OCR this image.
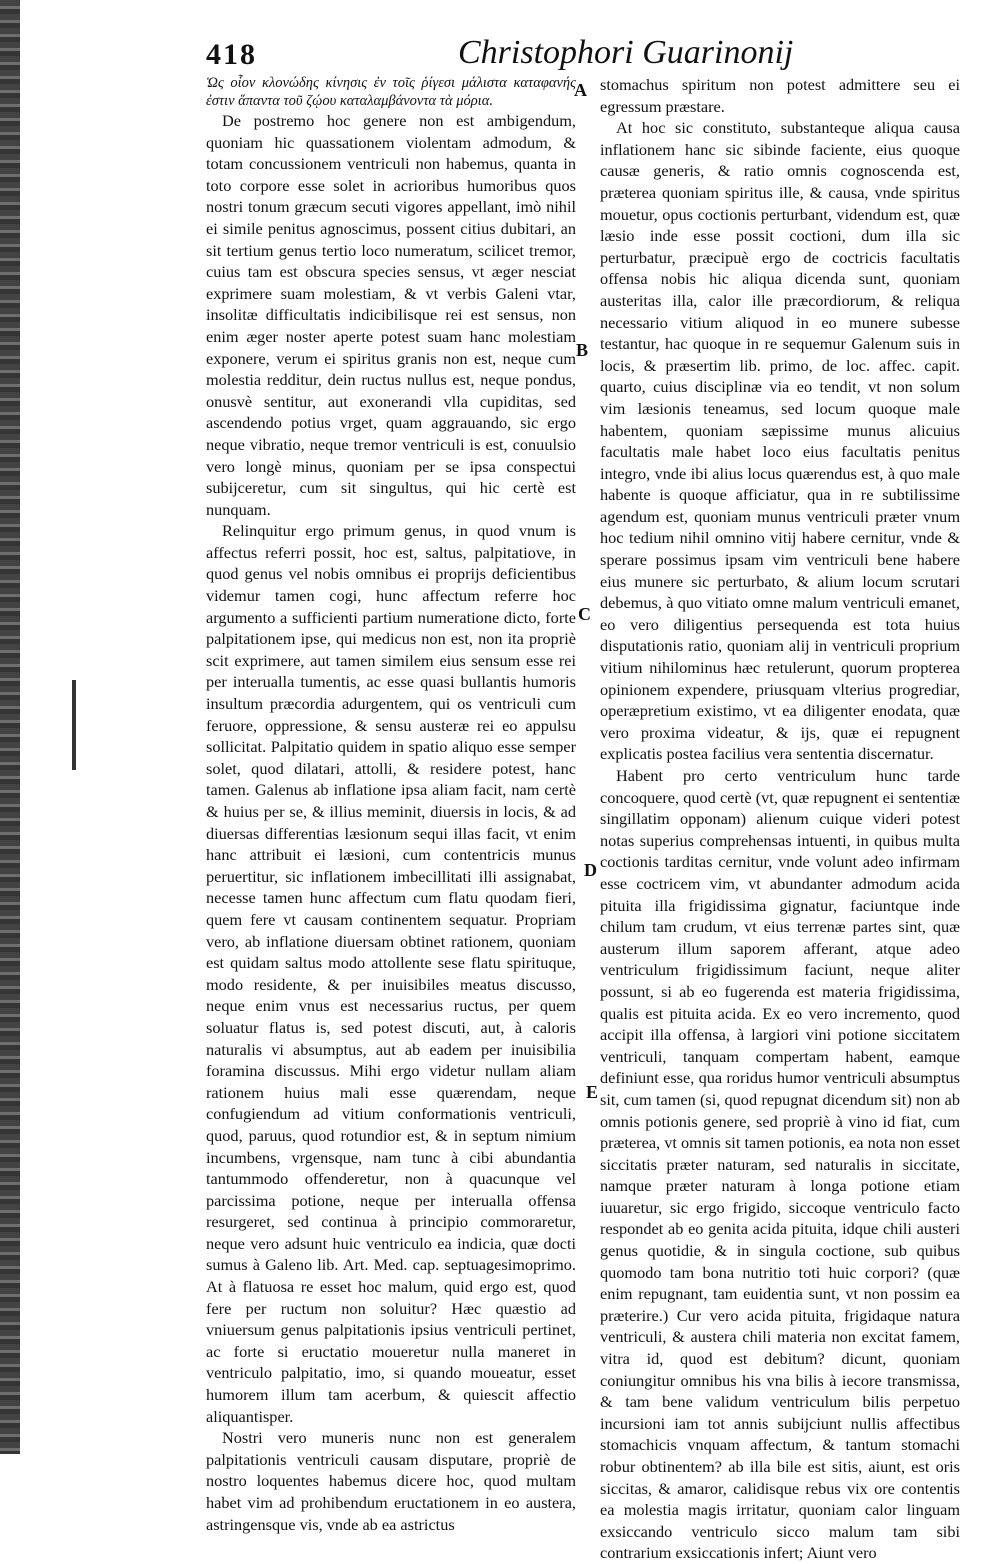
418	Christophori Guarinonij

Ὡς οἷον κλονώδης κίνησις ἐν τοῖς ῥίγεσι μάλιστα καταφανής ἐστιν ἅπαντα τοῦ ζῴου καταλαμβάνοντα τὰ μόρια.

De postremo hoc genere non est ambigendum, quoniam hic quassationem violentam admodum, & totam concussionem ventriculi non habemus, quanta in toto corpore esse solet in acrioribus humoribus quos nostri tonum græcum secuti vigores appellant, imò nihil ei simile penitus agnoscimus, possent citius dubitari, an sit tertium genus tertio loco numeratum, scilicet tremor, cuius tam est obscura species sensus, vt æger nesciat exprimere suam molestiam, & vt verbis Galeni vtar, insolitæ difficultatis indicibilisque rei est sensus, non enim æger noster aperte potest suam hanc molestiam exponere, verum ei spiritus granis non est, neque cum molestia redditur, dein ructus nullus est, neque pondus, onusvè sentitur, aut exonerandi vlla cupiditas, sed ascendendo potius vrget, quam aggrauando, sic ergo neque vibratio, neque tremor ventriculi is est, conuulsio vero longè minus, quoniam per se ipsa conspectui subijceretur, cum sit singultus, qui hic certè est nunquam.

Relinquitur ergo primum genus, in quod vnum is affectus referri possit, hoc est, saltus, palpitatiove, in quod genus vel nobis omnibus ei proprijs deficientibus videmur tamen cogi, hunc affectum referre hoc argumento a sufficienti partium numeratione dicto, forte palpitationem ipse, qui medicus non est, non ita propriè scit exprimere, aut tamen similem eius sensum esse rei per interualla tumentis, ac esse quasi bullantis humoris insultum præcordia adurgentem, qui os ventriculi cum feruore, oppressione, & sensu austeræ rei eo appulsu sollicitat. Palpitatio quidem in spatio aliquo esse semper solet, quod dilatari, attolli, & residere potest, hanc tamen. Galenus ab inflatione ipsa aliam facit, nam certè & huius per se, & illius meminit, diuersis in locis, & ad diuersas differentias læsionum sequi illas facit, vt enim hanc attribuit ei læsioni, cum contentricis munus peruertitur, sic inflationem imbecillitati illi assignabat, necesse tamen hunc affectum cum flatu quodam fieri, quem fere vt causam continentem sequatur. Propriam vero, ab inflatione diuersam obtinet rationem, quoniam est quidam saltus modo attollente sese flatu spirituque, modo residente, & per inuisibiles meatus discusso, neque enim vnus est necessarius ructus, per quem soluatur flatus is, sed potest discuti, aut, à caloris naturalis vi absumptus, aut ab eadem per inuisibilia foramina discussus. Mihi ergo videtur nullam aliam rationem huius mali esse quærendam, neque confugiendum ad vitium conformationis ventriculi, quod, paruus, quod rotundior est, & in septum nimium incumbens, vrgensque, nam tunc à cibi abundantia tantummodo offenderetur, non à quacunque vel parcissima potione, neque per interualla offensa resurgeret, sed continua à principio commoraretur, neque vero adsunt huic ventriculo ea indicia, quæ docti sumus à Galeno lib. Art. Med. cap. septuagesimoprimo. At à flatuosa re esset hoc malum, quid ergo est, quod fere per ructum non soluitur? Hæc quæstio ad vniuersum genus palpitationis ipsius ventriculi pertinet, ac forte si eructatio moueretur nulla maneret in ventriculo palpitatio, imo, si quando moueatur, esset humorem illum tam acerbum, & quiescit affectio aliquantisper.

Nostri vero muneris nunc non est generalem palpitationis ventriculi causam disputare, propriè de nostro loquentes habemus dicere hoc, quod multam habet vim ad prohibendum eructationem in eo austera, astringensque vis, vnde ab ea astrictus

stomachus spiritum non potest admittere seu ei egressum præstare.

At hoc sic constituto, substanteque aliqua causa inflationem hanc sic sibinde faciente, eius quoque causæ generis, & ratio omnis cognoscenda est, præterea quoniam spiritus ille, & causa, vnde spiritus mouetur, opus coctionis perturbant, videndum est, quæ læsio inde esse possit coctioni, dum illa sic perturbatur, præcipuè ergo de coctricis facultatis offensa nobis hic aliqua dicenda sunt, quoniam austeritas illa, calor ille præcordiorum, & reliqua necessario vitium aliquod in eo munere subesse testantur, hac quoque in re sequemur Galenum suis in locis, & præsertim lib. primo, de loc. affec. capit. quarto, cuius disciplinæ via eo tendit, vt non solum vim læsionis teneamus, sed locum quoque male habentem, quoniam sæpissime munus alicuius facultatis male habet loco eius facultatis penitus integro, vnde ibi alius locus quærendus est, à quo male habente is quoque afficiatur, qua in re subtilissime agendum est, quoniam munus ventriculi præter vnum hoc tedium nihil omnino vitij habere cernitur, vnde & sperare possimus ipsam vim ventriculi bene habere eius munere sic perturbato, & alium locum scrutari debemus, à quo vitiato omne malum ventriculi emanet, eo vero diligentius persequenda est tota huius disputationis ratio, quoniam alij in ventriculi proprium vitium nihilominus hæc retulerunt, quorum propterea opinionem expendere, priusquam vlterius progrediar, operæpretium existimo, vt ea diligenter enodata, quæ vero proxima videatur, & ijs, quæ ei repugnent explicatis postea facilius vera sententia discernatur.

Habent pro certo ventriculum hunc tarde concoquere, quod certè (vt, quæ repugnent ei sententiæ singillatim opponam) alienum cuique videri potest notas superius comprehensas intuenti, in quibus multa coctionis tarditas cernitur, vnde volunt adeo infirmam esse coctricem vim, vt abundanter admodum acida pituita illa frigidissima gignatur, faciuntque inde chilum tam crudum, vt eius terrenæ partes sint, quæ austerum illum saporem afferant, atque adeo ventriculum frigidissimum faciunt, neque aliter possunt, si ab eo fugerenda est materia frigidissima, qualis est pituita acida. Ex eo vero incremento, quod accipit illa offensa, à largiori vini potione siccitatem ventriculi, tanquam compertam habent, eamque definiunt esse, qua roridus humor ventriculi absumptus sit, cum tamen (si, quod repugnat dicendum sit) non ab omnis potionis genere, sed propriè à vino id fiat, cum præterea, vt omnis sit tamen potionis, ea nota non esset siccitatis præter naturam, sed naturalis in siccitate, namque præter naturam à longa potione etiam iuuaretur, sic ergo frigido, siccoque ventriculo facto respondet ab eo genita acida pituita, idque chili austeri genus quotidie, & in singula coctione, sub quibus quomodo tam bona nutritio toti huic corpori? (quæ enim repugnant, tam euidentia sunt, vt non possim ea præterire.) Cur vero acida pituita, frigidaque natura ventriculi, & austera chili materia non excitat famem, vitra id, quod est debitum? dicunt, quoniam coniungitur omnibus his vna bilis à iecore transmissa, & tam bene validum ventriculum bilis perpetuo incursioni iam tot annis subijciunt nullis affectibus stomachicis vnquam affectum, & tantum stomachi robur obtinentem? ab illa bile est sitis, aiunt, est oris siccitas, & amaror, calidisque rebus vix ore contentis ea molestia magis irritatur, quoniam calor linguam exsiccando ventriculo sicco malum tam sibi contrarium exsiccationis infert; Aiunt vero

A
B
C
D
E
